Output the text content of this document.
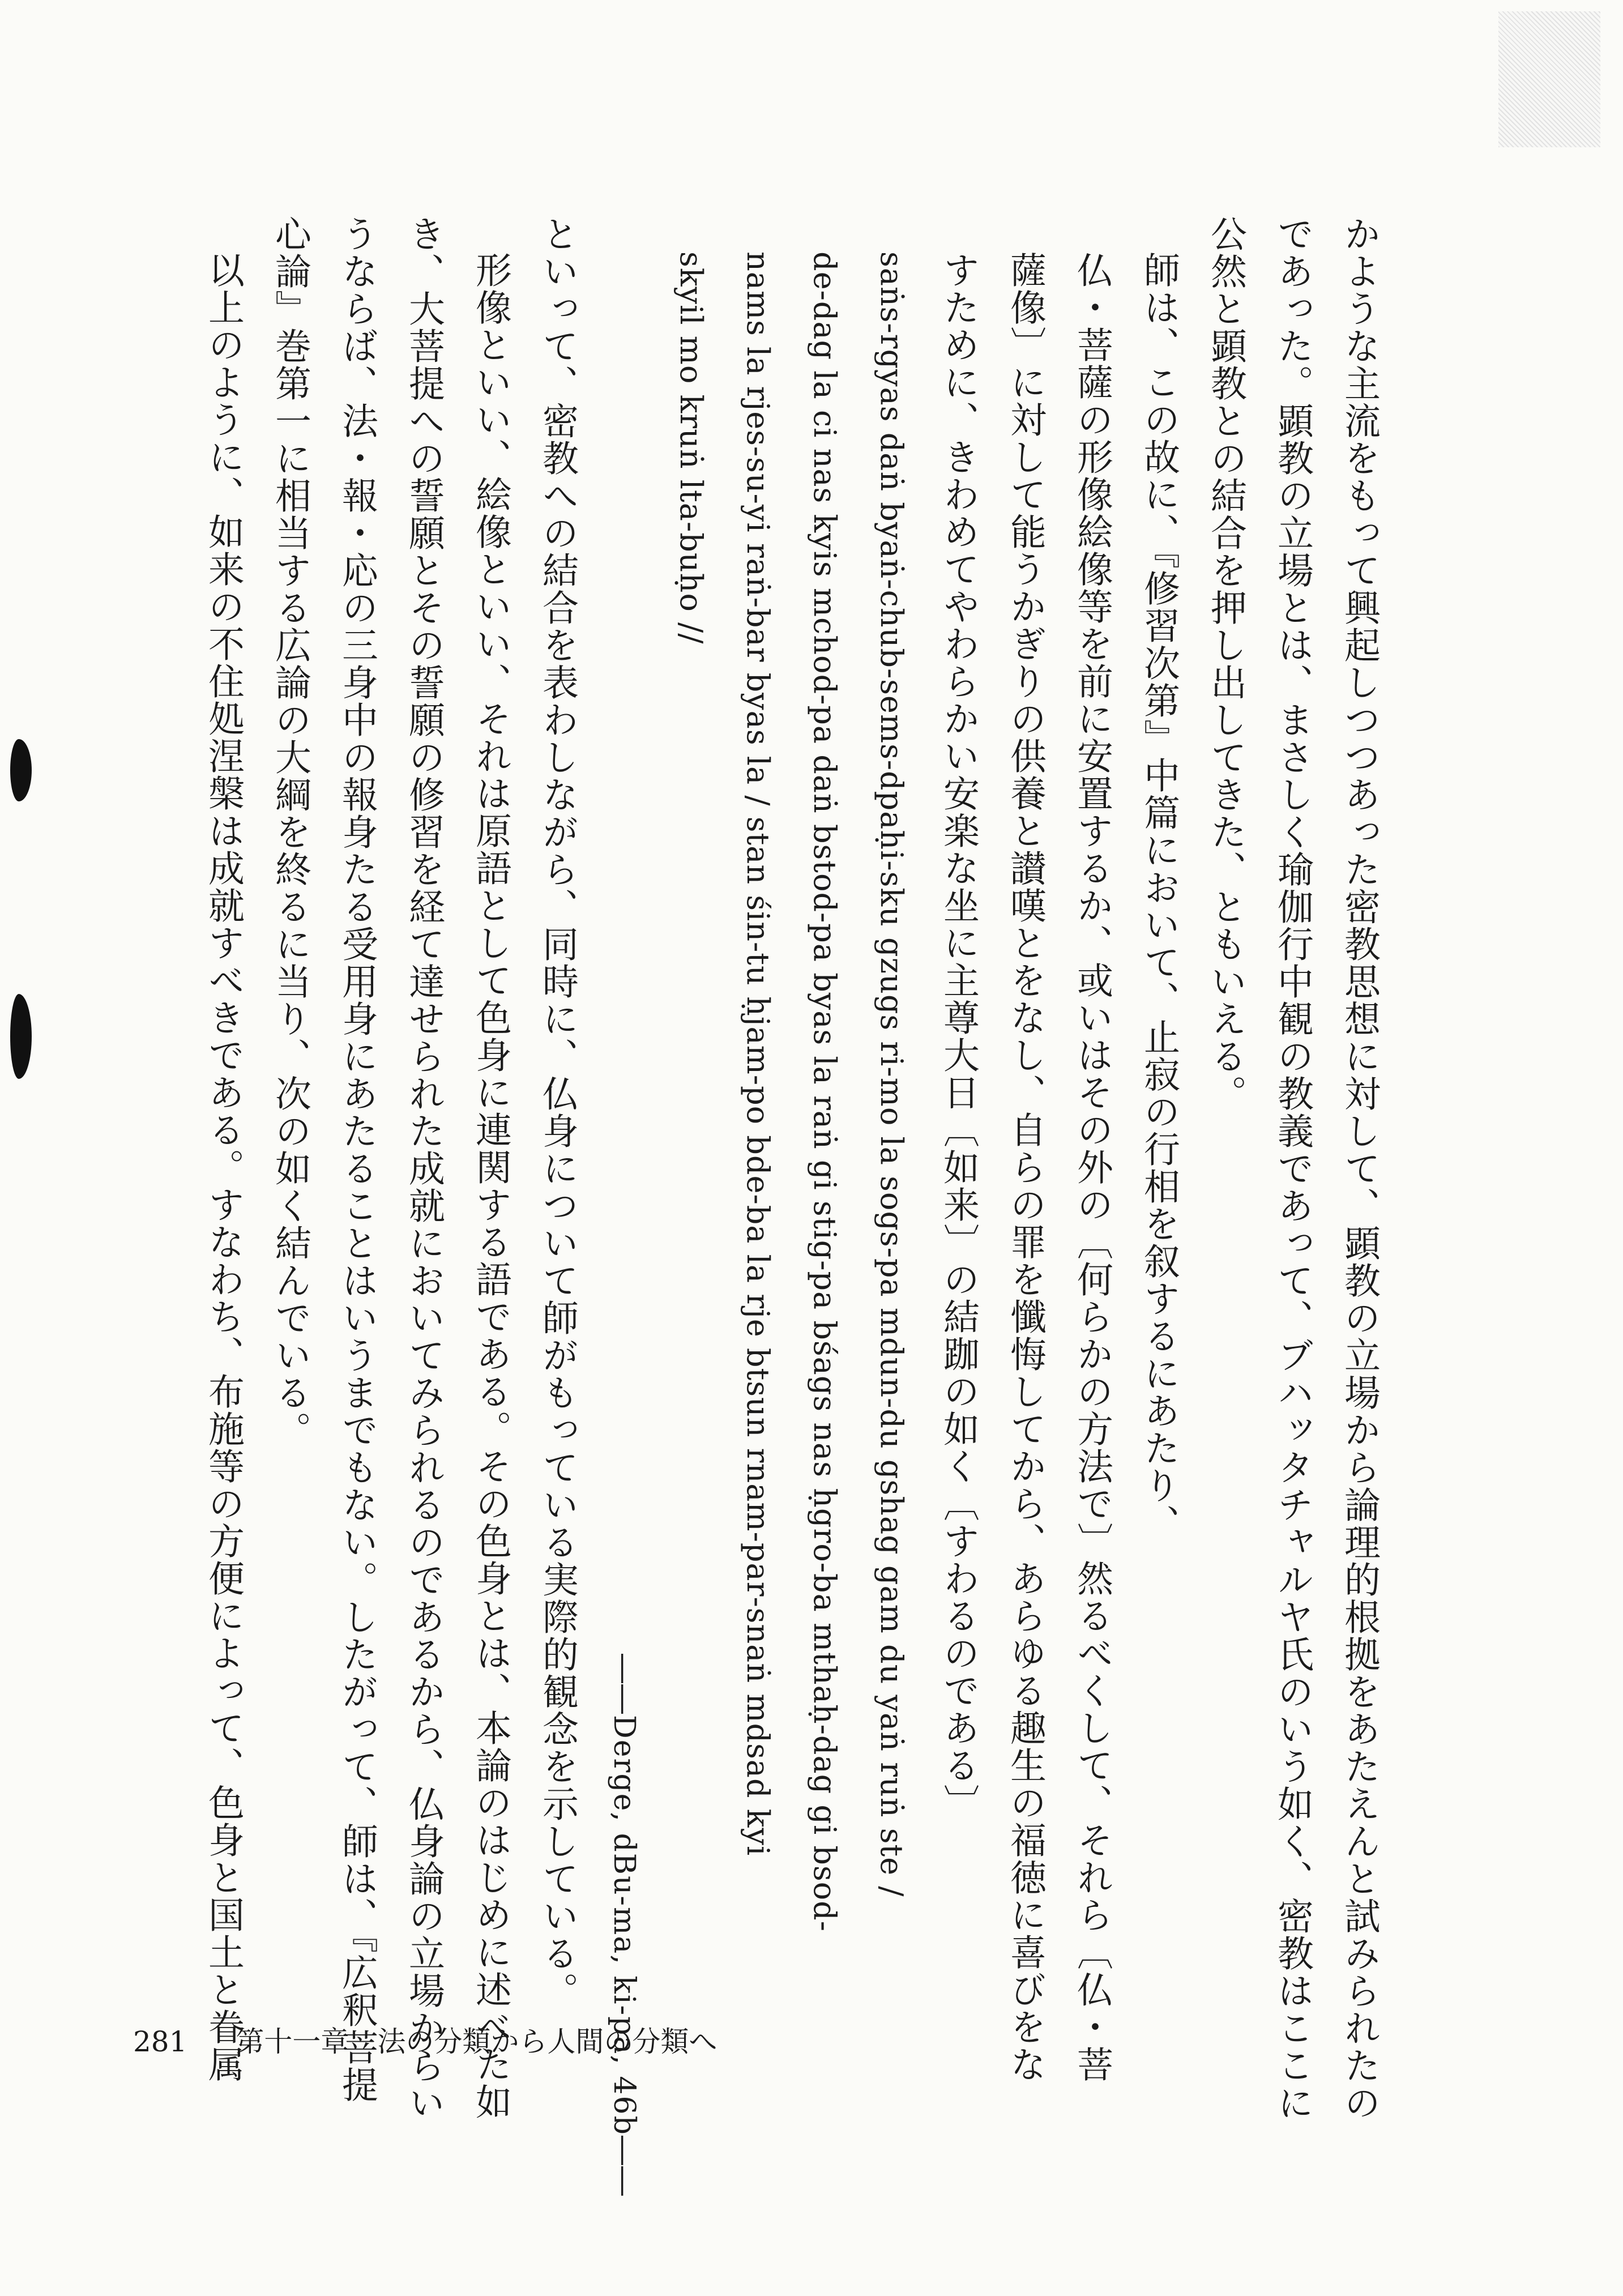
かような主流をもって興起しつつあった密教思想に対して、顕教の立場から論理的根拠をあたえんと試みられたの
であった。顕教の立場とは、まさしく瑜伽行中観の教義であって、ブハッタチャルヤ氏のいう如く、密教はここに
公然と顕教との結合を押し出してきた、ともいえる。
師は、この故に、『修習次第』中篇において、止寂の行相を叙するにあたり、
仏・菩薩の形像絵像等を前に安置するか、或いはその外の〔何らかの方法で〕然るべくして、それら〔仏・菩
薩像〕に対して能うかぎりの供養と讃嘆とをなし、自らの罪を懺悔してから、あらゆる趣生の福徳に喜びをな
すために、きわめてやわらかい安楽な坐に主尊大日〔如来〕の結跏の如く〔すわるのである〕
saṅs-rgyas daṅ byaṅ-chub-sems-dpaḥi-sku gzugs ri-mo la sogs-pa mdun-du gshag gam du yaṅ ruṅ ste /
de-dag la ci nas kyis mchod-pa daṅ bstod-pa byas la raṅ gi stig-pa bśags nas ḥgro-ba mthaḥ-dag gi bsod-
nams la rjes-su-yi raṅ-bar byas la / stan śin-tu ḥjam-po bde-ba la rje btsun rnam-par-snaṅ mdsad kyi
skyil mo kruṅ lta-buḥo //
――Derge, dBu-ma, ki-pa, 46b――
といって、密教への結合を表わしながら、同時に、仏身について師がもっている実際的観念を示している。
形像といい、絵像といい、それは原語として色身に連関する語である。その色身とは、本論のはじめに述べた如
き、大菩提への誓願とその誓願の修習を経て達せられた成就においてみられるのであるから、仏身論の立場からい
うならば、法・報・応の三身中の報身たる受用身にあたることはいうまでもない。したがって、師は、『広釈菩提
心論』巻第一に相当する広論の大綱を終るに当り、次の如く結んでいる。
以上のように、如来の不住処涅槃は成就すべきである。すなわち、布施等の方便によって、色身と国土と眷属
281 第十一章　法の分類から人間の分類へ
